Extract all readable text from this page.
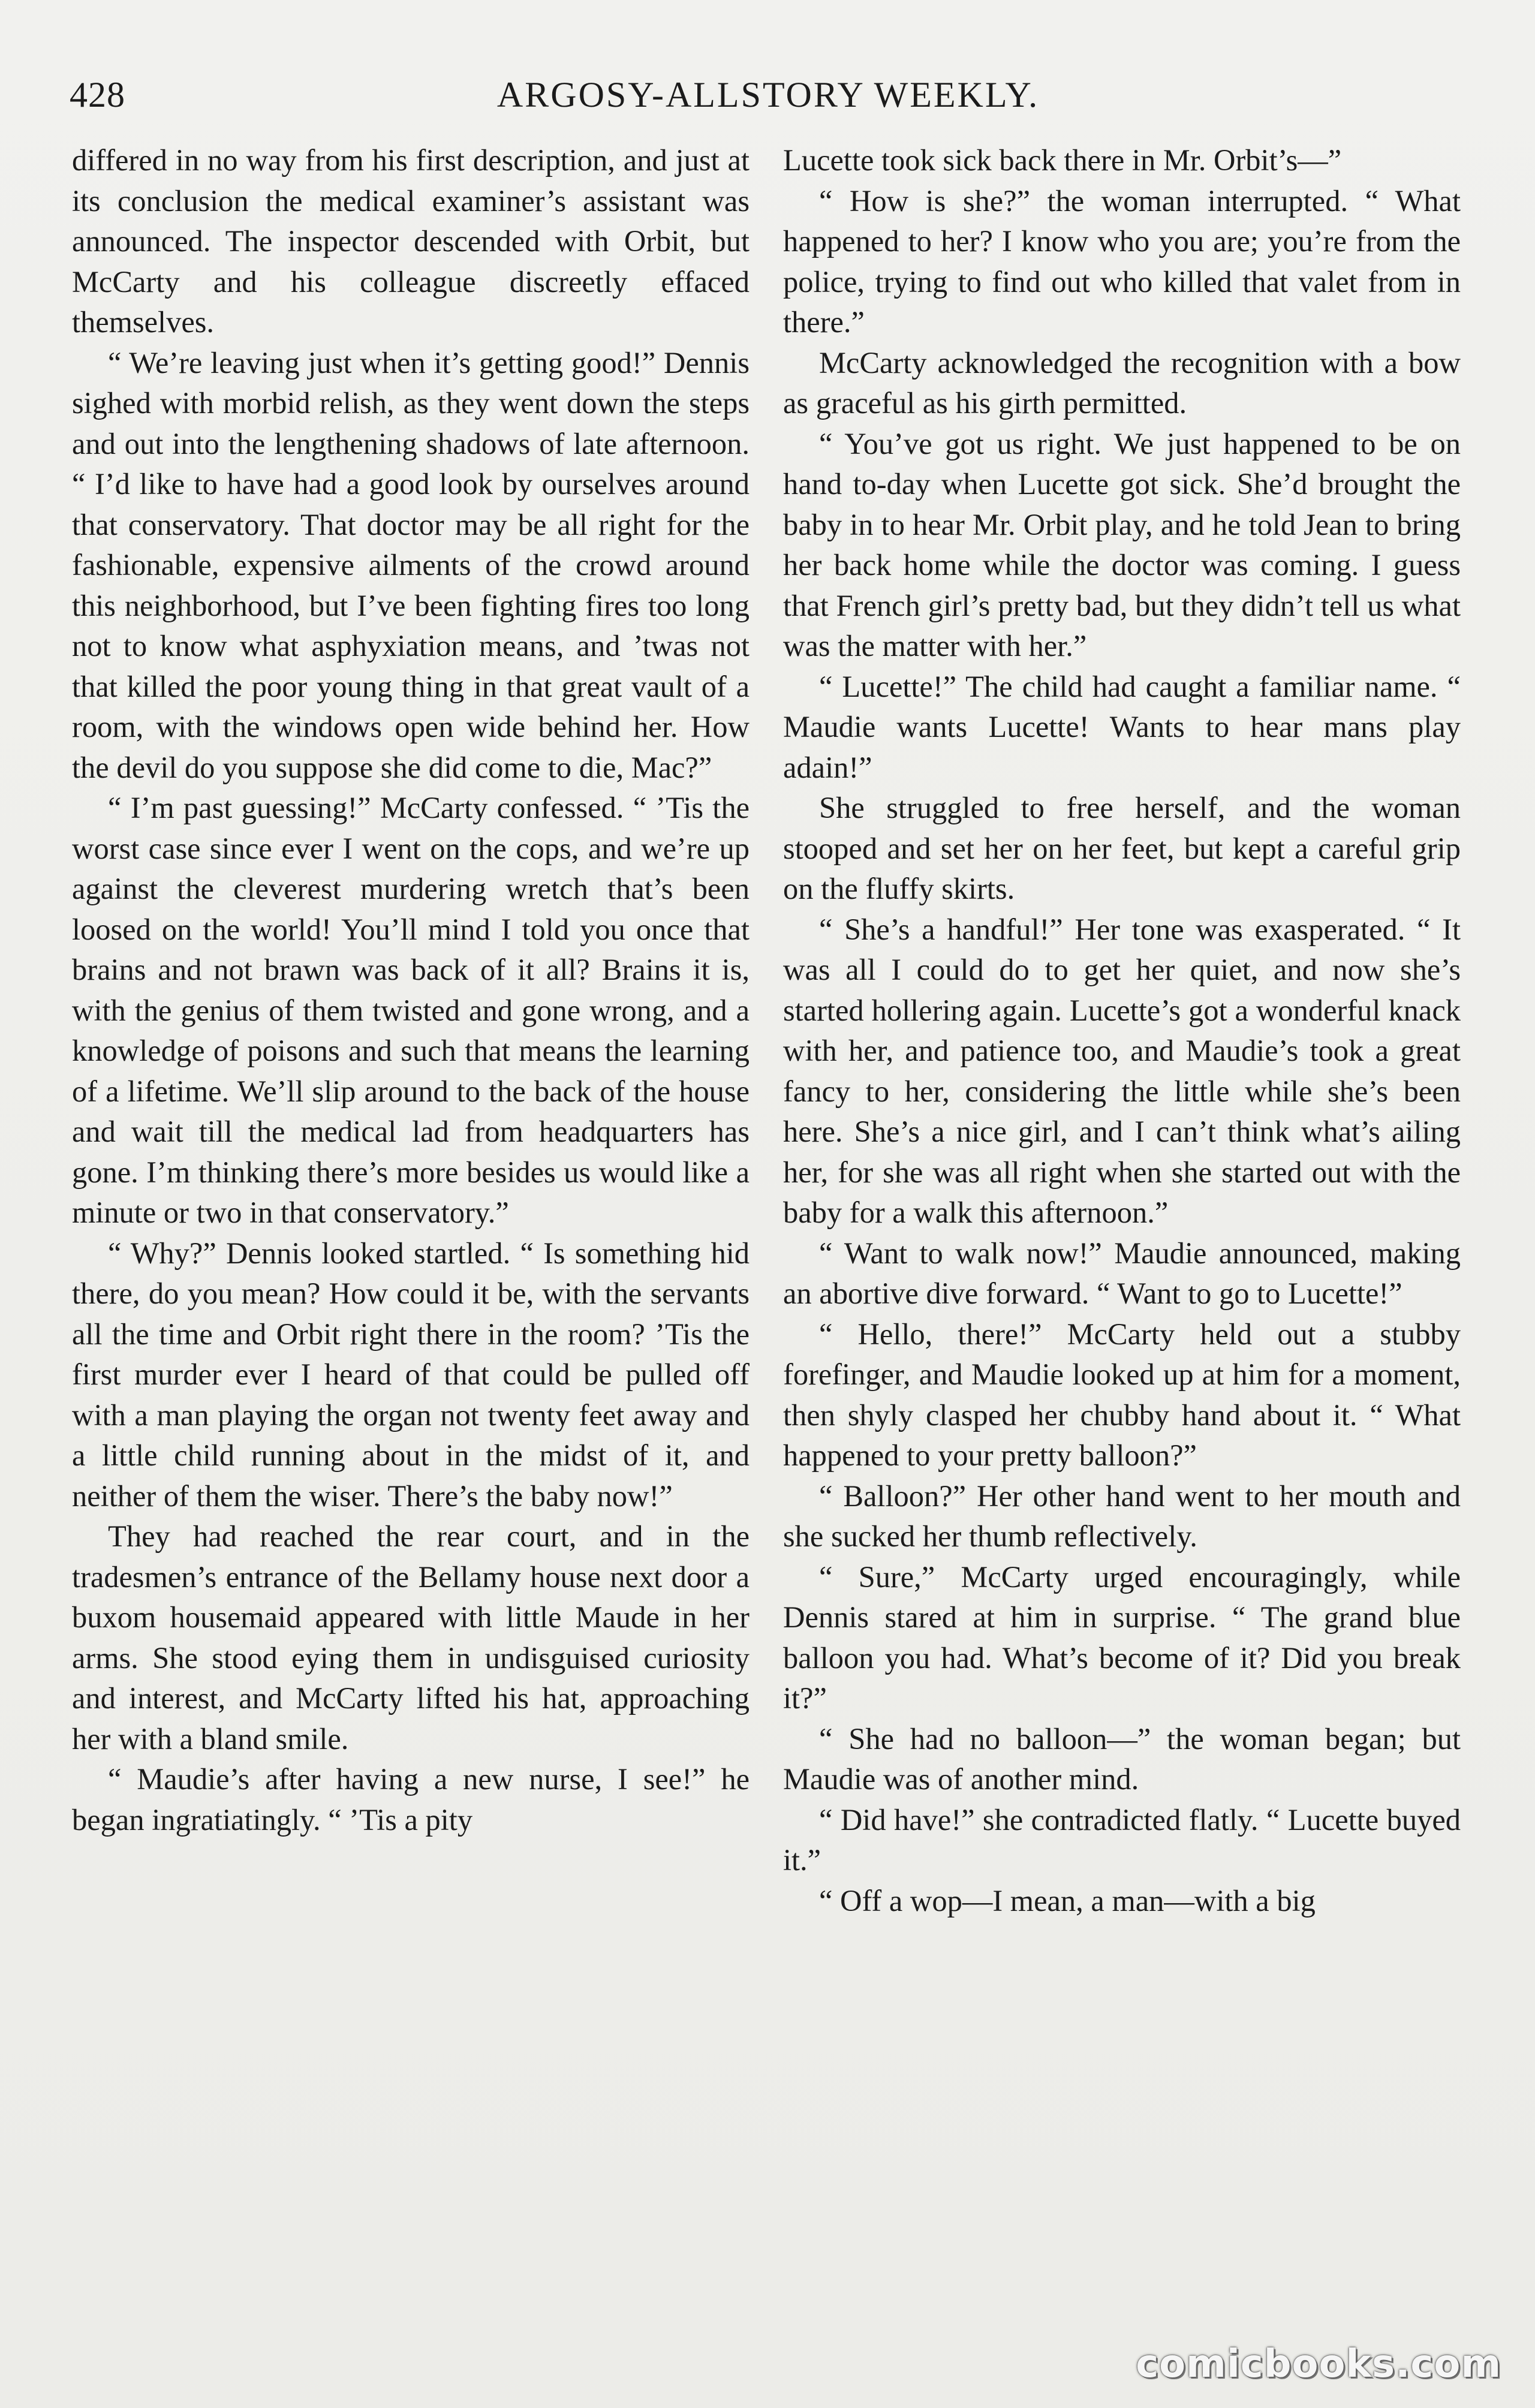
428	ARGOSY-ALLSTORY WEEKLY.

differed in no way from his first description, and just at its conclusion the medical examiner’s assistant was announced. The inspector descended with Orbit, but McCarty and his colleague discreetly effaced themselves.

“ We’re leaving just when it’s getting good!” Dennis sighed with morbid relish, as they went down the steps and out into the lengthening shadows of late afternoon. “ I’d like to have had a good look by ourselves around that conservatory. That doctor may be all right for the fashionable, expensive ailments of the crowd around this neighborhood, but I’ve been fighting fires too long not to know what asphyxiation means, and ’twas not that killed the poor young thing in that great vault of a room, with the windows open wide behind her. How the devil do you suppose she did come to die, Mac?”

“ I’m past guessing!” McCarty confessed. “ ’Tis the worst case since ever I went on the cops, and we’re up against the cleverest murdering wretch that’s been loosed on the world! You’ll mind I told you once that brains and not brawn was back of it all? Brains it is, with the genius of them twisted and gone wrong, and a knowledge of poisons and such that means the learning of a lifetime. We’ll slip around to the back of the house and wait till the medical lad from headquarters has gone. I’m thinking there’s more besides us would like a minute or two in that conservatory.”

“ Why?” Dennis looked startled. “ Is something hid there, do you mean? How could it be, with the servants all the time and Orbit right there in the room? ’Tis the first murder ever I heard of that could be pulled off with a man playing the organ not twenty feet away and a little child running about in the midst of it, and neither of them the wiser. There’s the baby now!”

They had reached the rear court, and in the tradesmen’s entrance of the Bellamy house next door a buxom housemaid appeared with little Maude in her arms. She stood eying them in undisguised curiosity and interest, and McCarty lifted his hat, approaching her with a bland smile.

“ Maudie’s after having a new nurse, I see!” he began ingratiatingly. “ ’Tis a pity

Lucette took sick back there in Mr. Orbit’s—”

“ How is she?” the woman interrupted. “ What happened to her? I know who you are; you’re from the police, trying to find out who killed that valet from in there.”

McCarty acknowledged the recognition with a bow as graceful as his girth permitted.

“ You’ve got us right. We just happened to be on hand to-day when Lucette got sick. She’d brought the baby in to hear Mr. Orbit play, and he told Jean to bring her back home while the doctor was coming. I guess that French girl’s pretty bad, but they didn’t tell us what was the matter with her.”

“ Lucette!” The child had caught a familiar name. “ Maudie wants Lucette! Wants to hear mans play adain!”

She struggled to free herself, and the woman stooped and set her on her feet, but kept a careful grip on the fluffy skirts.

“ She’s a handful!” Her tone was exasperated. “ It was all I could do to get her quiet, and now she’s started hollering again. Lucette’s got a wonderful knack with her, and patience too, and Maudie’s took a great fancy to her, considering the little while she’s been here. She’s a nice girl, and I can’t think what’s ailing her, for she was all right when she started out with the baby for a walk this afternoon.”

“ Want to walk now!” Maudie announced, making an abortive dive forward. “ Want to go to Lucette!”

“ Hello, there!” McCarty held out a stubby forefinger, and Maudie looked up at him for a moment, then shyly clasped her chubby hand about it. “ What happened to your pretty balloon?”

“ Balloon?” Her other hand went to her mouth and she sucked her thumb reflectively.

“ Sure,” McCarty urged encouragingly, while Dennis stared at him in surprise. “ The grand blue balloon you had. What’s become of it? Did you break it?”

“ She had no balloon—” the woman began; but Maudie was of another mind.

“ Did have!” she contradicted flatly. “ Lucette buyed it.”

“ Off a wop—I mean, a man—with a big

comicbooks.com
